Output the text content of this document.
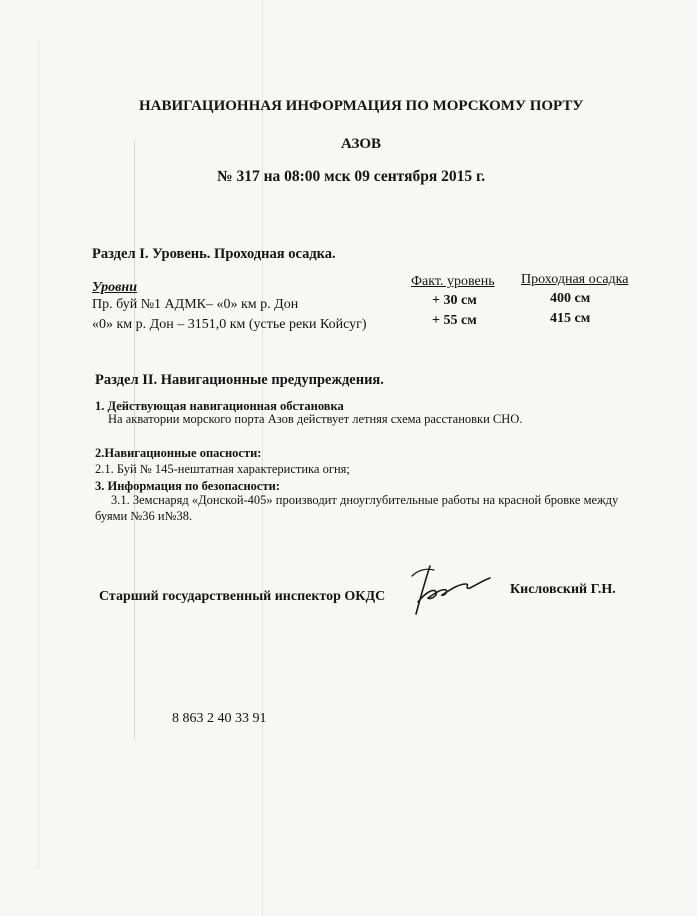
НАВИГАЦИОННАЯ ИНФОРМАЦИЯ ПО МОРСКОМУ ПОРТУ
АЗОВ
№ 317 на 08:00 мск 09 сентября 2015 г.
Раздел I. Уровень. Проходная осадка.
Уровни	Факт. уровень Проходная осадка
Пр. буй №1 АДМК– «0» км р. Дон	+ 30 см	400 см
«0» км р. Дон – 3151,0 км (устье реки Койсуг)	+ 55 см	415 см
Раздел II. Навигационные предупреждения.
1. Действующая навигационная обстановка
На акватории морского порта Азов действует летняя схема расстановки СНО.
2.Навигационные опасности:
2.1. Буй № 145-нештатная характеристика огня;
3. Информация по безопасности:
3.1. Земснаряд «Донской-405» производит дноуглубительные работы на красной бровке между
буями №36 и№38.
Старший государственный инспектор ОКДС	Кисловский Г.Н.
8 863 2 40 33 91
